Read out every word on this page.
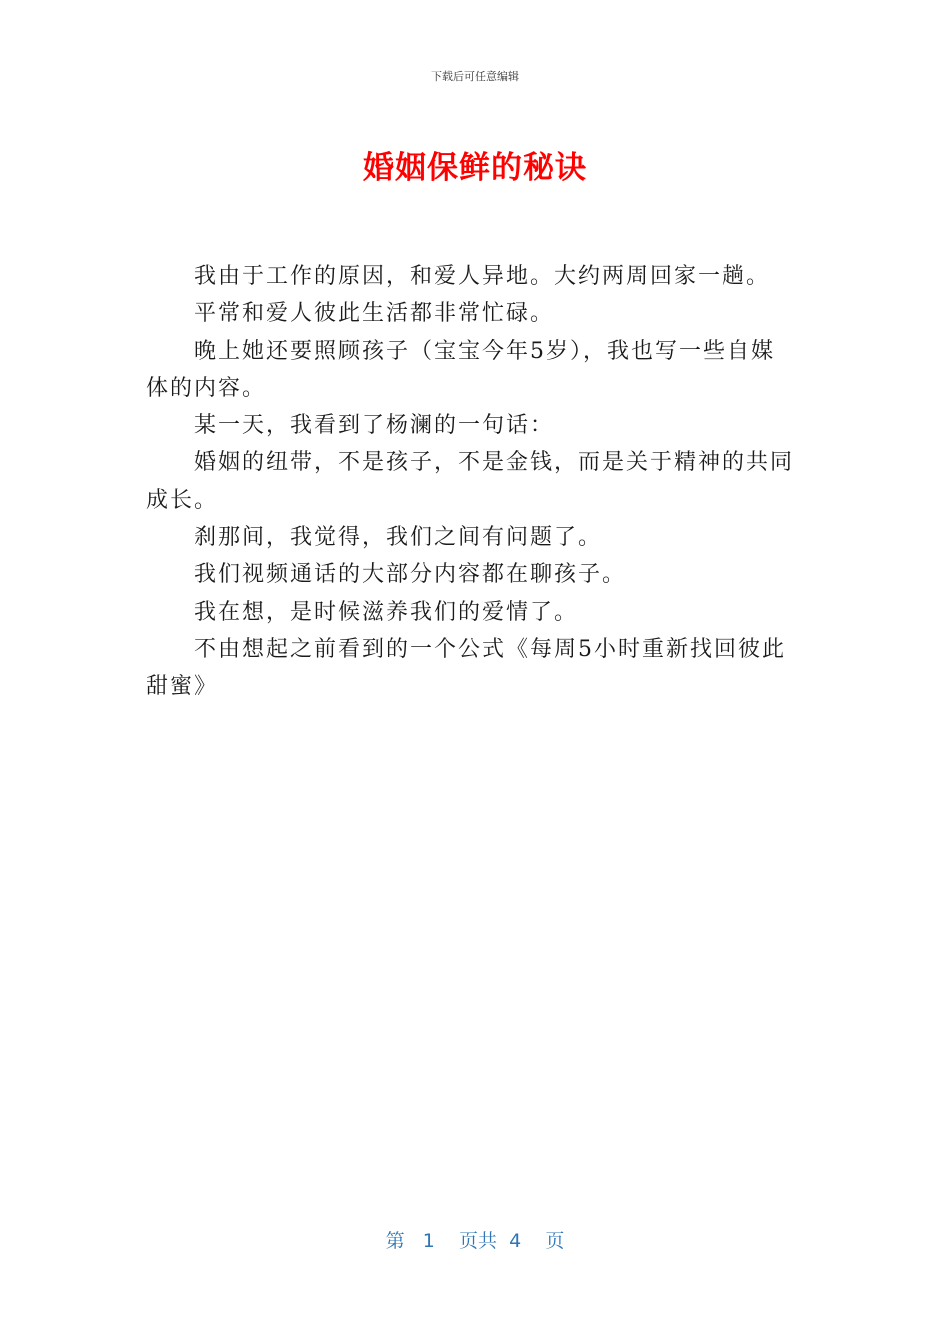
下载后可任意编辑
婚姻保鲜的秘诀

我由于工作的原因，和爱人异地。大约两周回家一趟。

平常和爱人彼此生活都非常忙碌。

晚上她还要照顾孩子（宝宝今年5岁），我也写一些自媒体的内容。

某一天，我看到了杨澜的一句话：

婚姻的纽带，不是孩子，不是金钱，而是关于精神的共同成长。

刹那间，我觉得，我们之间有问题了。

我们视频通话的大部分内容都在聊孩子。

我在想，是时候滋养我们的爱情了。

不由想起之前看到的一个公式《每周5小时重新找回彼此甜蜜》

第 1 页共 4 页
